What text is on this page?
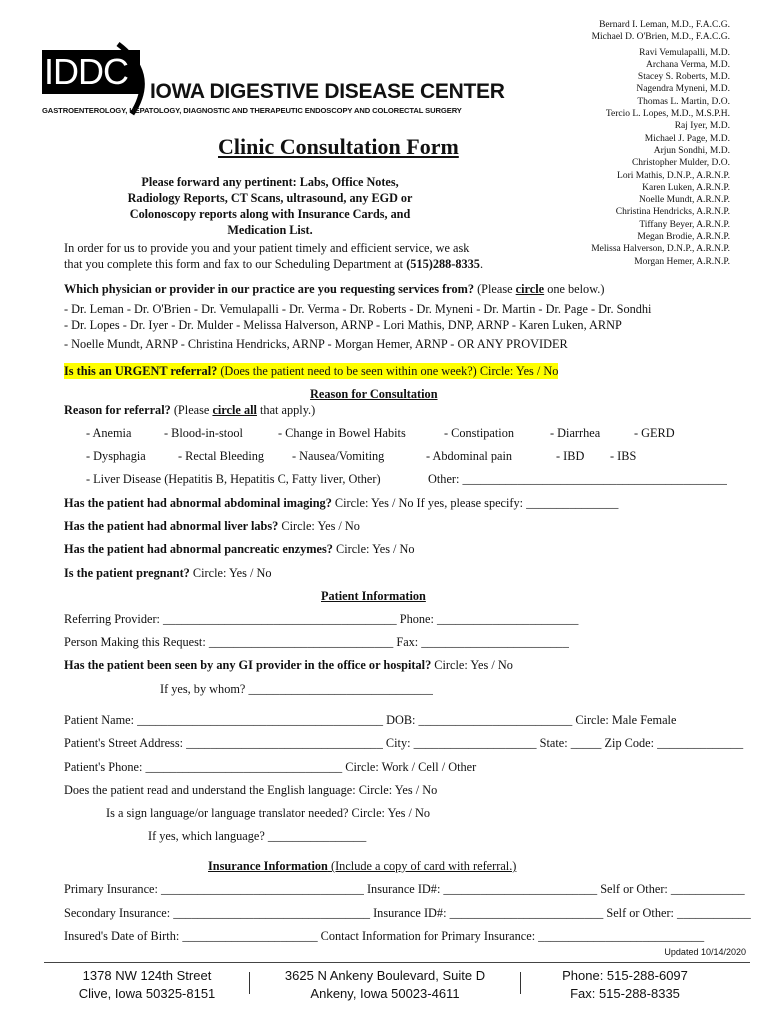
IDDC IOWA DIGESTIVE DISEASE CENTER
GASTROENTEROLOGY, HEPATOLOGY, DIAGNOSTIC AND THERAPEUTIC ENDOSCOPY AND COLORECTAL SURGERY
Bernard I. Leman, M.D., F.A.C.G.
Michael D. O'Brien, M.D., F.A.C.G.
Ravi Vemulapalli, M.D.
Archana Verma, M.D.
Stacey S. Roberts, M.D.
Nagendra Myneni, M.D.
Thomas L. Martin, D.O.
Tercio L. Lopes, M.D., M.S.P.H.
Raj Iyer, M.D.
Michael J. Page, M.D.
Arjun Sondhi, M.D.
Christopher Mulder, D.O.
Lori Mathis, D.N.P., A.R.N.P.
Karen Luken, A.R.N.P.
Noelle Mundt, A.R.N.P.
Christina Hendricks, A.R.N.P.
Tiffany Beyer, A.R.N.P.
Megan Brodie, A.R.N.P.
Melissa Halverson, D.N.P., A.R.N.P.
Morgan Hemer, A.R.N.P.
Clinic Consultation Form
Please forward any pertinent: Labs, Office Notes, Radiology Reports, CT Scans, ultrasound, any EGD or Colonoscopy reports along with Insurance Cards, and Medication List.
In order for us to provide you and your patient timely and efficient service, we ask
that you complete this form and fax to our Scheduling Department at (515)288-8335.
Which physician or provider in our practice are you requesting services from? (Please circle one below.)
- Dr. Leman - Dr. O'Brien - Dr. Vemulapalli - Dr. Verma - Dr. Roberts - Dr. Myneni - Dr. Martin - Dr. Page - Dr. Sondhi
- Dr. Lopes - Dr. Iyer - Dr. Mulder - Melissa Halverson, ARNP - Lori Mathis, DNP, ARNP - Karen Luken, ARNP
- Noelle Mundt, ARNP - Christina Hendricks, ARNP - Morgan Hemer, ARNP - OR ANY PROVIDER
Is this an URGENT referral? (Does the patient need to be seen within one week?) Circle: Yes / No
Reason for Consultation
Reason for referral? (Please circle all that apply.)
- Anemia	- Blood-in-stool	- Change in Bowel Habits	- Constipation	- Diarrhea	- GERD
- Dysphagia	- Rectal Bleeding - Nausea/Vomiting	- Abdominal pain	- IBD - IBS
- Liver Disease (Hepatitis B, Hepatitis C, Fatty liver, Other)	Other: ___________________________________________
Has the patient had abnormal abdominal imaging? Circle: Yes / No If yes, please specify: _______________
Has the patient had abnormal liver labs? Circle: Yes / No
Has the patient had abnormal pancreatic enzymes? Circle: Yes / No
Is the patient pregnant? Circle: Yes / No
Patient Information
Referring Provider: ______________________________________ Phone: _______________________
Person Making this Request: ______________________________ Fax: ________________________
Has the patient been seen by any GI provider in the office or hospital? Circle: Yes / No
If yes, by whom? ______________________________
Patient Name: ________________________________________ DOB: _________________________ Circle: Male Female
Patient's Street Address: ________________________________ City: ____________________ State: _____ Zip Code: ______________
Patient's Phone: ________________________________ Circle: Work / Cell / Other
Does the patient read and understand the English language: Circle: Yes / No
Is a sign language/or language translator needed? Circle: Yes / No
If yes, which language? ________________
Insurance Information (Include a copy of card with referral.)
Primary Insurance: _________________________________ Insurance ID#: _________________________ Self or Other: ____________
Secondary Insurance: ________________________________ Insurance ID#: _________________________ Self or Other: ____________
Insured's Date of Birth: ______________________ Contact Information for Primary Insurance: ___________________________
Updated 10/14/2020
1378 NW 124th Street
Clive, Iowa 50325-8151
3625 N Ankeny Boulevard, Suite D
Ankeny, Iowa 50023-4611
Phone: 515-288-6097
Fax: 515-288-8335
